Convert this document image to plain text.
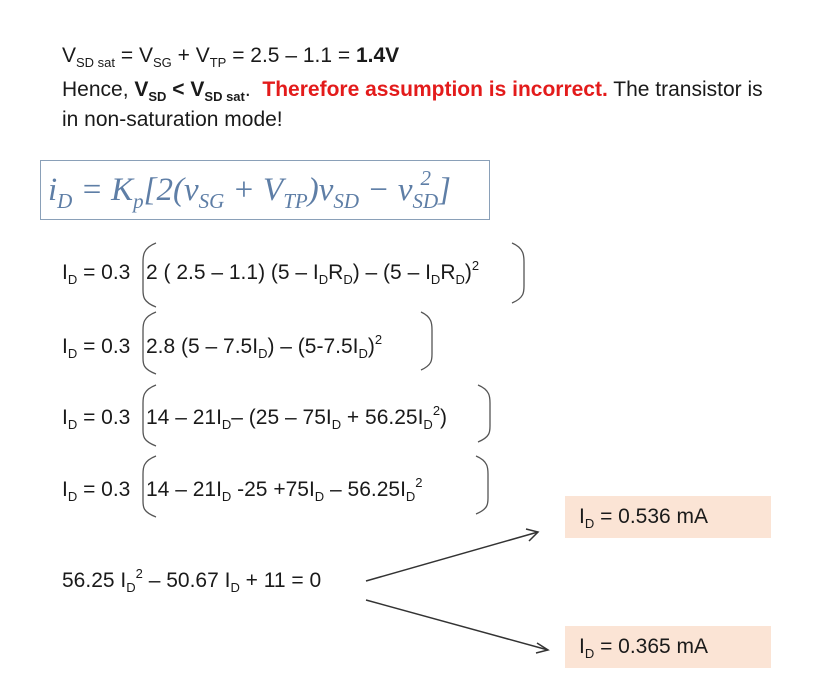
$V_{SD sat} = V_{SG} + V_{TP} = 2.5 - 1.1 = 1.4V$
Hence, $V_{SD} < V_{SD sat}$. Therefore assumption is incorrect. The transistor is
in non-saturation mode!
$i_D = K_p[2(v_{SG} + V_{TP})v_{SD} - v$ 2
$_{SD}$]
$I_D = 0.3$ 2 ( 2.5 – 1.1) $(5 - I_DR_D) - (5 - I_DR_D)^2$
$I_D = 0.3$ 2.8 $(5 - 7.5I_D) - (5-7.5I_D)^2$
$I_D = 0.3$ $14 - 21I_D-$ $(25 - 75I_D + 56.25I_D^2)$
$I_D = 0.3$ $14 - 21I_D$ $-25 +75I_D - 56.25I_D^2$
56.25 $I_D^2 - 50.67$ $I_D + 11 = 0$
$I_D = 0.536$ mA
$I_D = 0.365$ mA
